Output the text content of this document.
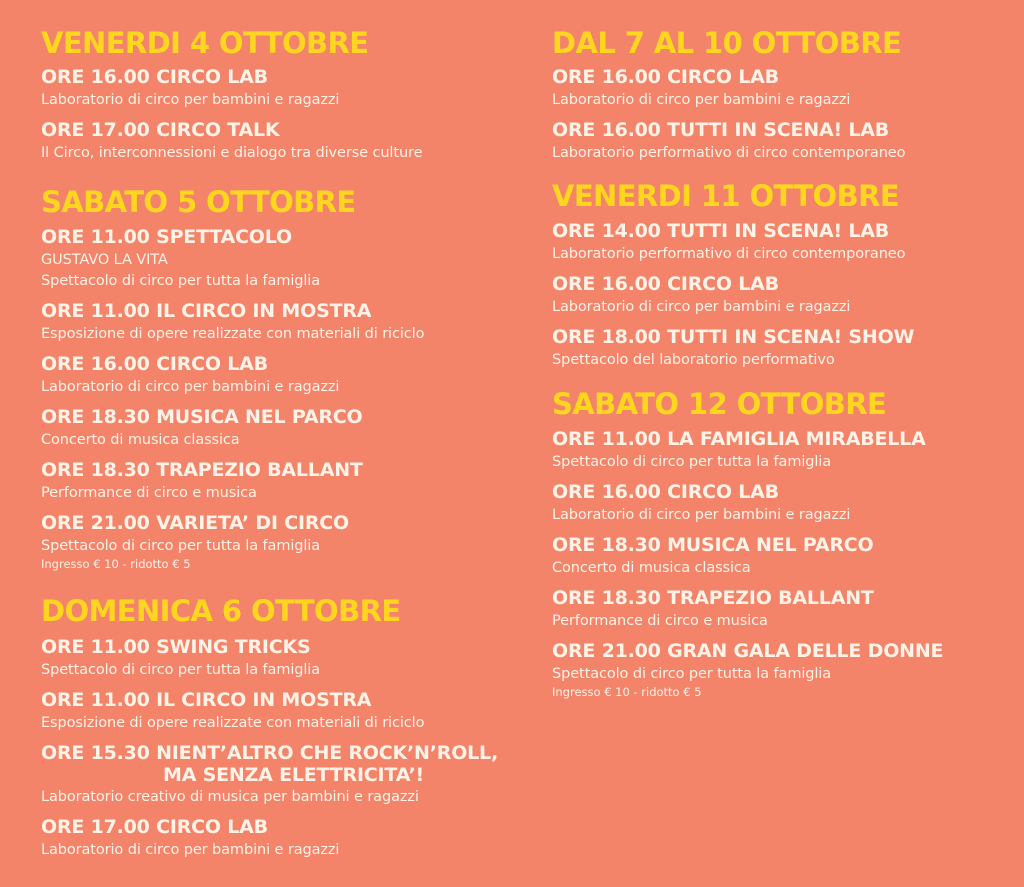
VENERDI 4 OTTOBRE
ORE 16.00 CIRCO LAB
Laboratorio di circo per bambini e ragazzi
ORE 17.00 CIRCO TALK
Il Circo, interconnessioni e dialogo tra diverse culture
SABATO 5 OTTOBRE
ORE 11.00 SPETTACOLO
GUSTAVO LA VITA
Spettacolo di circo per tutta la famiglia
ORE 11.00 IL CIRCO IN MOSTRA
Esposizione di opere realizzate con materiali di riciclo
ORE 16.00 CIRCO LAB
Laboratorio di circo per bambini e ragazzi
ORE 18.30 MUSICA NEL PARCO
Concerto di musica classica
ORE 18.30 TRAPEZIO BALLANT
Performance di circo e musica
ORE 21.00 VARIETA’ DI CIRCO
Spettacolo di circo per tutta la famiglia
Ingresso € 10 - ridotto € 5
DOMENICA 6 OTTOBRE
ORE 11.00 SWING TRICKS
Spettacolo di circo per tutta la famiglia
ORE 11.00 IL CIRCO IN MOSTRA
Esposizione di opere realizzate con materiali di riciclo
ORE 15.30 NIENT’ALTRO CHE ROCK’N’ROLL,
MA SENZA ELETTRICITA’!
Laboratorio creativo di musica per bambini e ragazzi
ORE 17.00 CIRCO LAB
Laboratorio di circo per bambini e ragazzi
DAL 7 AL 10 OTTOBRE
ORE 16.00 CIRCO LAB
Laboratorio di circo per bambini e ragazzi
ORE 16.00 TUTTI IN SCENA! LAB
Laboratorio performativo di circo contemporaneo
VENERDI 11 OTTOBRE
ORE 14.00 TUTTI IN SCENA! LAB
Laboratorio performativo di circo contemporaneo
ORE 16.00 CIRCO LAB
Laboratorio di circo per bambini e ragazzi
ORE 18.00 TUTTI IN SCENA! SHOW
Spettacolo del laboratorio performativo
SABATO 12 OTTOBRE
ORE 11.00 LA FAMIGLIA MIRABELLA
Spettacolo di circo per tutta la famiglia
ORE 16.00 CIRCO LAB
Laboratorio di circo per bambini e ragazzi
ORE 18.30 MUSICA NEL PARCO
Concerto di musica classica
ORE 18.30 TRAPEZIO BALLANT
Performance di circo e musica
ORE 21.00 GRAN GALA DELLE DONNE
Spettacolo di circo per tutta la famiglia
Ingresso € 10 - ridotto € 5
